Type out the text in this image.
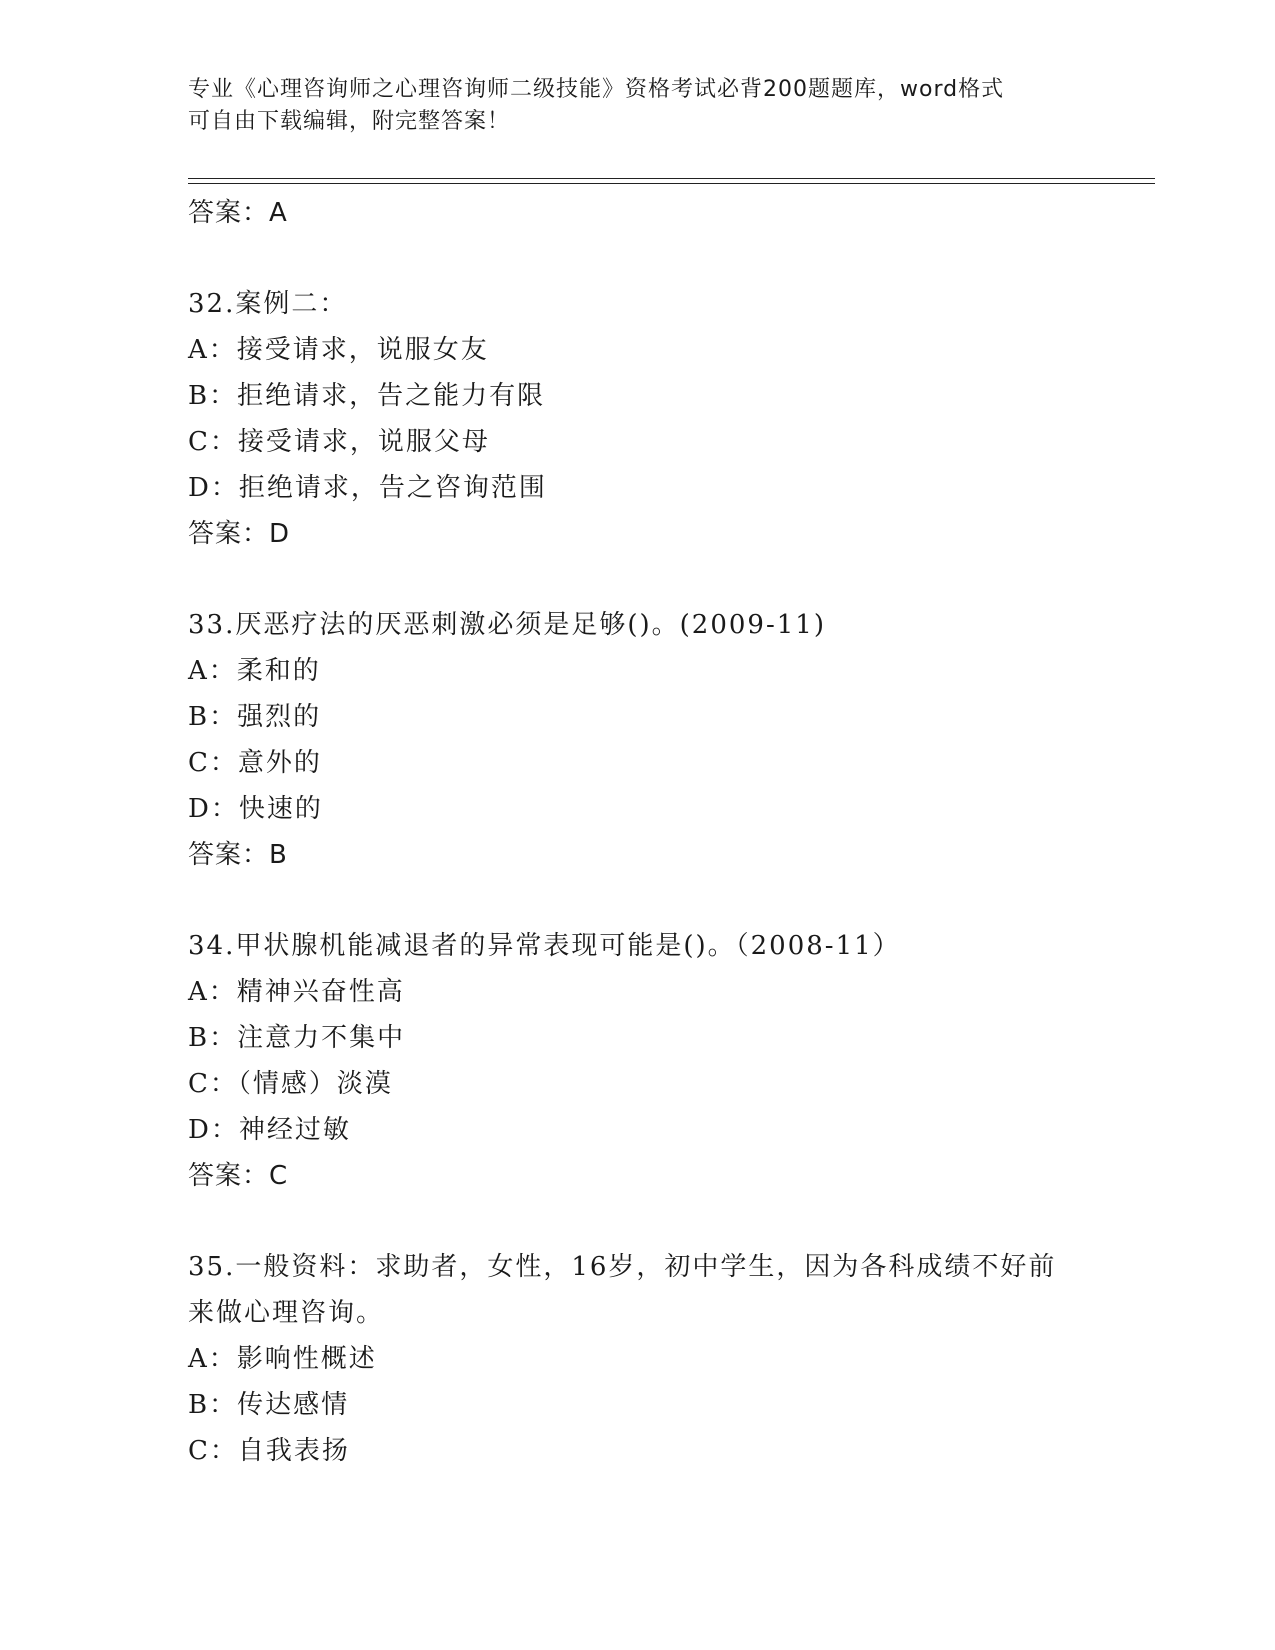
专业《心理咨询师之心理咨询师二级技能》资格考试必背200题题库，word格式

可自由下载编辑，附完整答案！

答案：A
32.案例二：
A：接受请求，说服女友
B：拒绝请求，告之能力有限
C：接受请求，说服父母
D：拒绝请求，告之咨询范围
答案：D
33.厌恶疗法的厌恶刺激必须是足够()。(2009-11)
A：柔和的
B：强烈的
C：意外的
D：快速的
答案：B
34.甲状腺机能减退者的异常表现可能是()。（2008-11）
A：精神兴奋性高
B：注意力不集中
C：（情感）淡漠
D：神经过敏
答案：C
35.一般资料：求助者，女性，16岁，初中学生，因为各科成绩不好前
来做心理咨询。
A：影响性概述
B：传达感情
C：自我表扬
